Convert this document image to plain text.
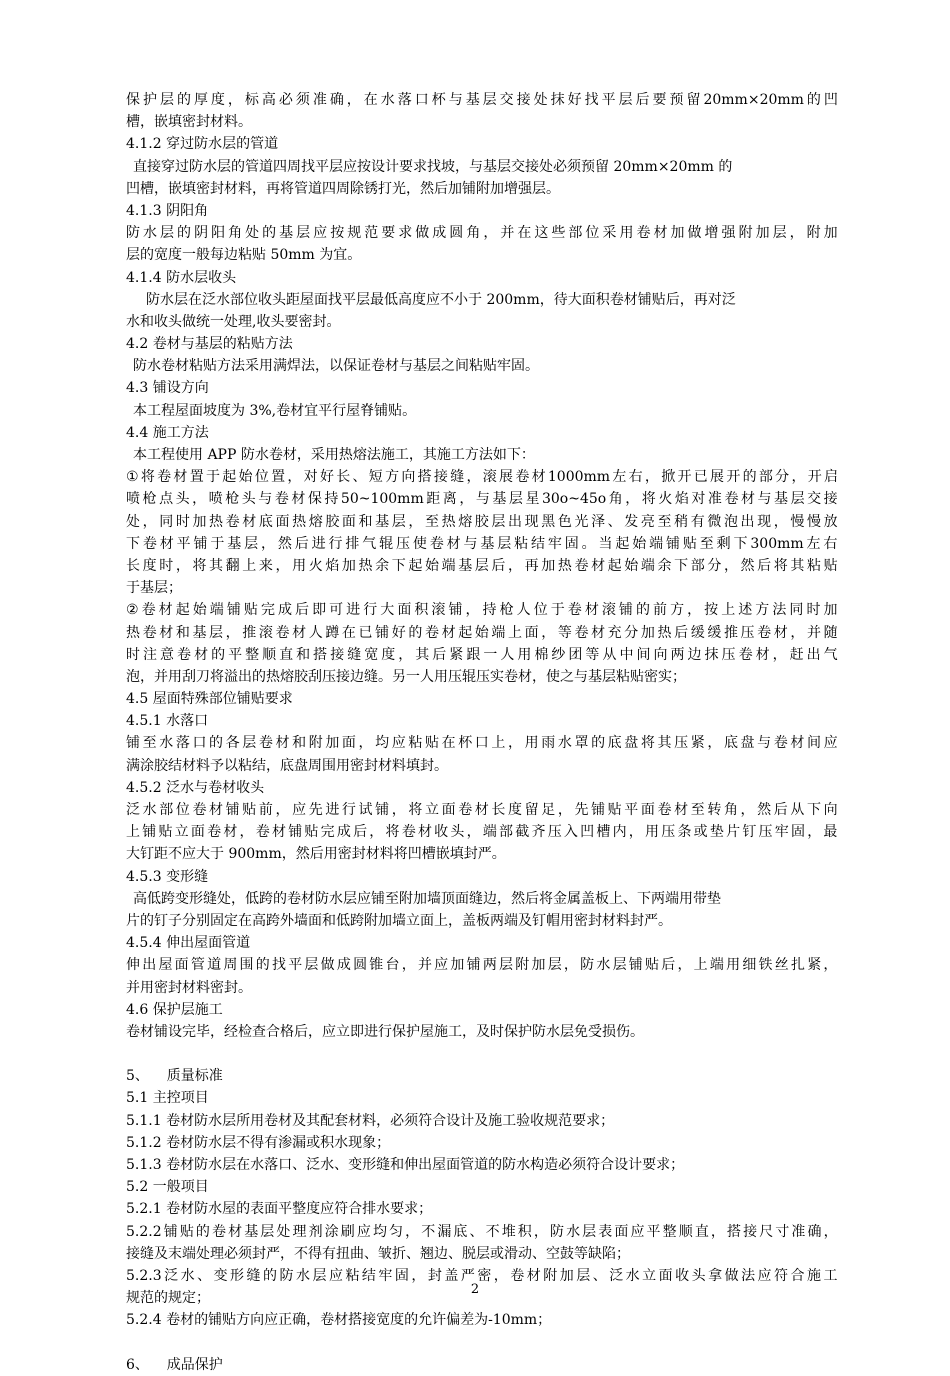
保 护 层 的 厚 度 ， 标 高 必 须 准 确 ， 在 水 落 口 杯 与 基 层 交 接 处 抹 好 找 平 层 后 要 预 留 20mm×20mm 的 凹
槽，嵌填密封材料。
4.1.2 穿过防水层的管道
直接穿过防水层的管道四周找平层应按设计要求找坡，与基层交接处必须预留 20mm×20mm 的
凹槽，嵌填密封材料，再将管道四周除锈打光，然后加铺附加增强层。
4.1.3 阴阳角
防 水 层 的 阴 阳 角 处 的 基 层 应 按 规 范 要 求 做 成 圆 角 ， 并 在 这 些 部 位 采 用 卷 材 加 做 增 强 附 加 层 ， 附 加
层的宽度一般每边粘贴 50mm 为宜。
4.1.4 防水层收头
防水层在泛水部位收头距屋面找平层最低高度应不小于 200mm，待大面积卷材铺贴后，再对泛
水和收头做统一处理,收头要密封。
4.2 卷材与基层的粘贴方法
防水卷材粘贴方法采用满焊法，以保证卷材与基层之间粘贴牢固。
4.3 铺设方向
本工程屋面坡度为 3%,卷材宜平行屋脊铺贴。
4.4 施工方法
本工程使用 APP 防水卷材，采用热熔法施工，其施工方法如下：
① 将 卷 材 置 于 起 始 位 置 ， 对 好 长 、 短 方 向 搭 接 缝 ， 滚 展 卷 材 1000mm 左 右 ， 掀 开 已 展 开 的 部 分 ， 开 启
喷 枪 点 头 ， 喷 枪 头 与 卷 材 保 持 50~100mm 距 离 ， 与 基 层 星 30o~45o 角 ， 将 火 焰 对 准 卷 材 与 基 层 交 接
处 ， 同 时 加 热 卷 材 底 面 热 熔 胶 面 和 基 层 ， 至 热 熔 胶 层 出 现 黑 色 光 泽 、 发 亮 至 稍 有 微 泡 出 现 ， 慢 慢 放
下 卷 材 平 铺 于 基 层 ， 然 后 进 行 排 气 辊 压 使 卷 材 与 基 层 粘 结 牢 固 。 当 起 始 端 铺 贴 至 剩 下 300mm 左 右
长 度 时 ， 将 其 翻 上 来 ， 用 火 焰 加 热 余 下 起 始 端 基 层 后 ， 再 加 热 卷 材 起 始 端 余 下 部 分 ， 然 后 将 其 粘 贴
于基层；
② 卷 材 起 始 端 铺 贴 完 成 后 即 可 进 行 大 面 积 滚 铺 ， 持 枪 人 位 于 卷 材 滚 铺 的 前 方 ， 按 上 述 方 法 同 时 加
热 卷 材 和 基 层 ， 推 滚 卷 材 人 蹲 在 已 铺 好 的 卷 材 起 始 端 上 面 ， 等 卷 材 充 分 加 热 后 缓 缓 推 压 卷 材 ， 并 随
时 注 意 卷 材 的 平 整 顺 直 和 搭 接 缝 宽 度 ， 其 后 紧 跟 一 人 用 棉 纱 团 等 从 中 间 向 两 边 抹 压 卷 材 ， 赶 出 气
泡，并用刮刀将溢出的热熔胶刮压接边缝。另一人用压辊压实卷材，使之与基层粘贴密实；
4.5 屋面特殊部位铺贴要求
4.5.1 水落口
铺 至 水 落 口 的 各 层 卷 材 和 附 加 面 ， 均 应 粘 贴 在 杯 口 上 ， 用 雨 水 罩 的 底 盘 将 其 压 紧 ， 底 盘 与 卷 材 间 应
满涂胶结材料予以粘结，底盘周围用密封材料填封。
4.5.2 泛水与卷材收头
泛 水 部 位 卷 材 铺 贴 前 ， 应 先 进 行 试 铺 ， 将 立 面 卷 材 长 度 留 足 ， 先 铺 贴 平 面 卷 材 至 转 角 ， 然 后 从 下 向
上 铺 贴 立 面 卷 材 ， 卷 材 铺 贴 完 成 后 ， 将 卷 材 收 头 ， 端 部 截 齐 压 入 凹 槽 内 ， 用 压 条 或 垫 片 钉 压 牢 固 ， 最
大钉距不应大于 900mm，然后用密封材料将凹槽嵌填封严。
4.5.3 变形缝
高低跨变形缝处，低跨的卷材防水层应铺至附加墙顶面缝边，然后将金属盖板上、下两端用带垫
片的钉子分别固定在高跨外墙面和低跨附加墙立面上，盖板两端及钉帽用密封材料封严。
4.5.4 伸出屋面管道
伸 出 屋 面 管 道 周 围 的 找 平 层 做 成 圆 锥 台 ， 并 应 加 铺 两 层 附 加 层 ， 防 水 层 铺 贴 后 ， 上 端 用 细 铁 丝 扎 紧 ，
并用密封材料密封。
4.6 保护层施工
卷材铺设完毕，经检查合格后，应立即进行保护屋施工，及时保护防水层免受损伤。
5、    质量标准
5.1 主控项目
5.1.1 卷材防水层所用卷材及其配套材料，必须符合设计及施工验收规范要求；
5.1.2 卷材防水层不得有渗漏或积水现象；
5.1.3 卷材防水层在水落口、泛水、变形缝和伸出屋面管道的防水构造必须符合设计要求；
5.2 一般项目
5.2.1 卷材防水屋的表面平整度应符合排水要求；
5.2.2 铺 贴 的 卷 材 基 层 处 理 剂 涂 刷 应 均 匀 ， 不 漏 底 、 不 堆 积 ， 防 水 层 表 面 应 平 整 顺 直 ， 搭 接 尺 寸 准 确 ，
接缝及末端处理必须封严，不得有扭曲、皱折、翘边、脱层或滑动、空鼓等缺陷；
5.2.3 泛 水 、 变 形 缝 的 防 水 层 应 粘 结 牢 固 ， 封 盖 严 密 ， 卷 材 附 加 层 、 泛 水 立 面 收 头 拿 做 法 应 符 合 施 工
规范的规定；
5.2.4 卷材的铺贴方向应正确，卷材搭接宽度的允许偏差为-10mm；
6、    成品保护
2
